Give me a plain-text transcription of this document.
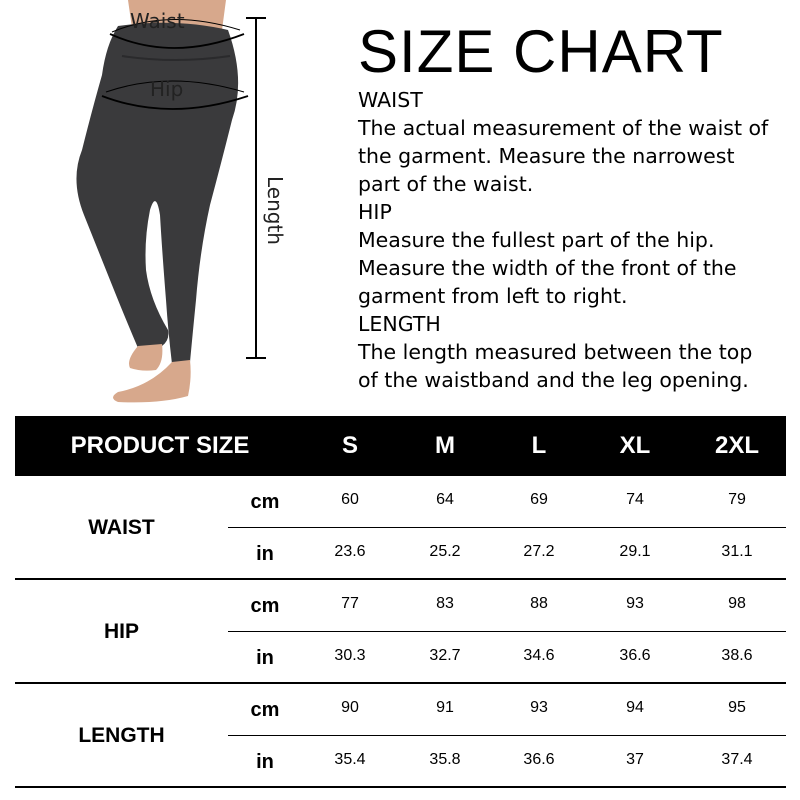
Waist
Hip
Length
SIZE CHART
WAIST
The actual measurement of the waist of
the garment. Measure the narrowest
part of the waist.
HIP
Measure the fullest part of the hip.
Measure the width of the front of the
garment from left to right.
LENGTH
The length measured between the top
of the waistband and the leg opening.
PRODUCT SIZE	S	M	L	XL	2XL
WAIST
cm	60	64	69	74	79
in	23.6	25.2	27.2	29.1	31.1
HIP
cm	77	83	88	93	98
in	30.3	32.7	34.6	36.6	38.6
LENGTH
cm	90	91	93	94	95
in	35.4	35.8	36.6	37	37.4
